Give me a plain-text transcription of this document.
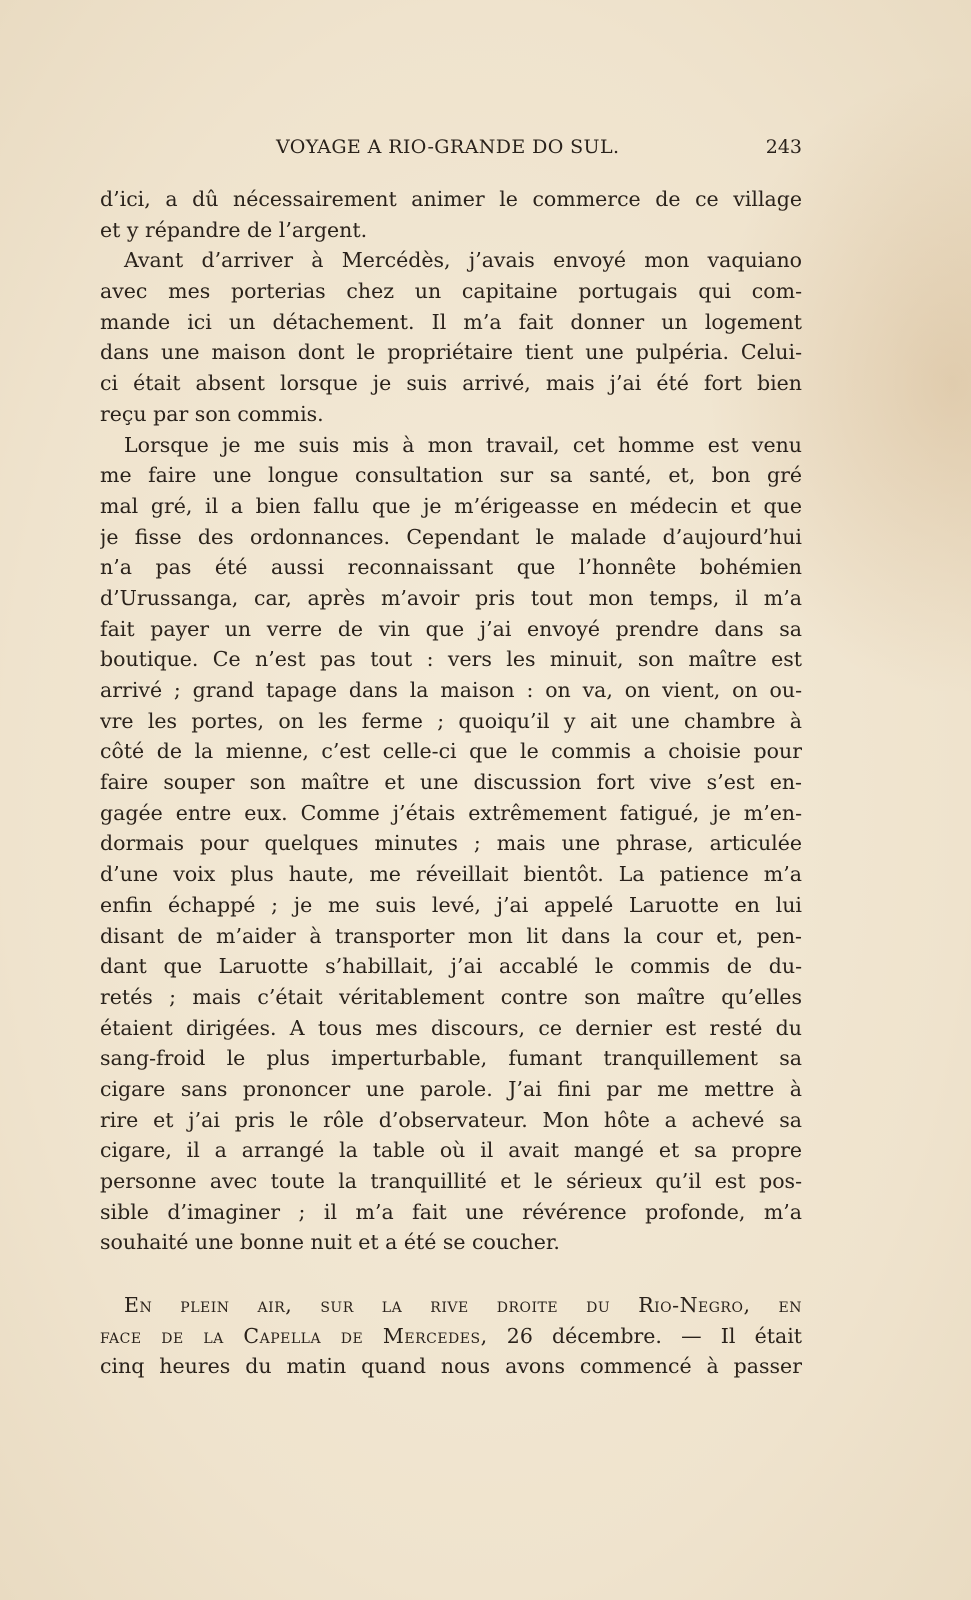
VOYAGE A RIO-GRANDE DO SUL.	243
d’ici, a dû nécessairement animer le commerce de ce village
et y répandre de l’argent.
Avant d’arriver à Mercédès, j’avais envoyé mon vaquiano
avec mes porterias chez un capitaine portugais qui com-
mande ici un détachement. Il m’a fait donner un logement
dans une maison dont le propriétaire tient une pulpéria. Celui-
ci était absent lorsque je suis arrivé, mais j’ai été fort bien
reçu par son commis.
Lorsque je me suis mis à mon travail, cet homme est venu
me faire une longue consultation sur sa santé, et, bon gré
mal gré, il a bien fallu que je m’érigeasse en médecin et que
je fisse des ordonnances. Cependant le malade d’aujourd’hui
n’a pas été aussi reconnaissant que l’honnête bohémien
d’Urussanga, car, après m’avoir pris tout mon temps, il m’a
fait payer un verre de vin que j’ai envoyé prendre dans sa
boutique. Ce n’est pas tout : vers les minuit, son maître est
arrivé ; grand tapage dans la maison : on va, on vient, on ou-
vre les portes, on les ferme ; quoiqu’il y ait une chambre à
côté de la mienne, c’est celle-ci que le commis a choisie pour
faire souper son maître et une discussion fort vive s’est en-
gagée entre eux. Comme j’étais extrêmement fatigué, je m’en-
dormais pour quelques minutes ; mais une phrase, articulée
d’une voix plus haute, me réveillait bientôt. La patience m’a
enfin échappé ; je me suis levé, j’ai appelé Laruotte en lui
disant de m’aider à transporter mon lit dans la cour et, pen-
dant que Laruotte s’habillait, j’ai accablé le commis de du-
retés ; mais c’était véritablement contre son maître qu’elles
étaient dirigées. A tous mes discours, ce dernier est resté du
sang-froid le plus imperturbable, fumant tranquillement sa
cigare sans prononcer une parole. J’ai fini par me mettre à
rire et j’ai pris le rôle d’observateur. Mon hôte a achevé sa
cigare, il a arrangé la table où il avait mangé et sa propre
personne avec toute la tranquillité et le sérieux qu’il est pos-
sible d’imaginer ; il m’a fait une révérence profonde, m’a
souhaité une bonne nuit et a été se coucher.
En plein air, sur la rive droite du Rio-Negro, en
face de la Capella de Mercedes, 26 décembre. — Il était
cinq heures du matin quand nous avons commencé à passer
